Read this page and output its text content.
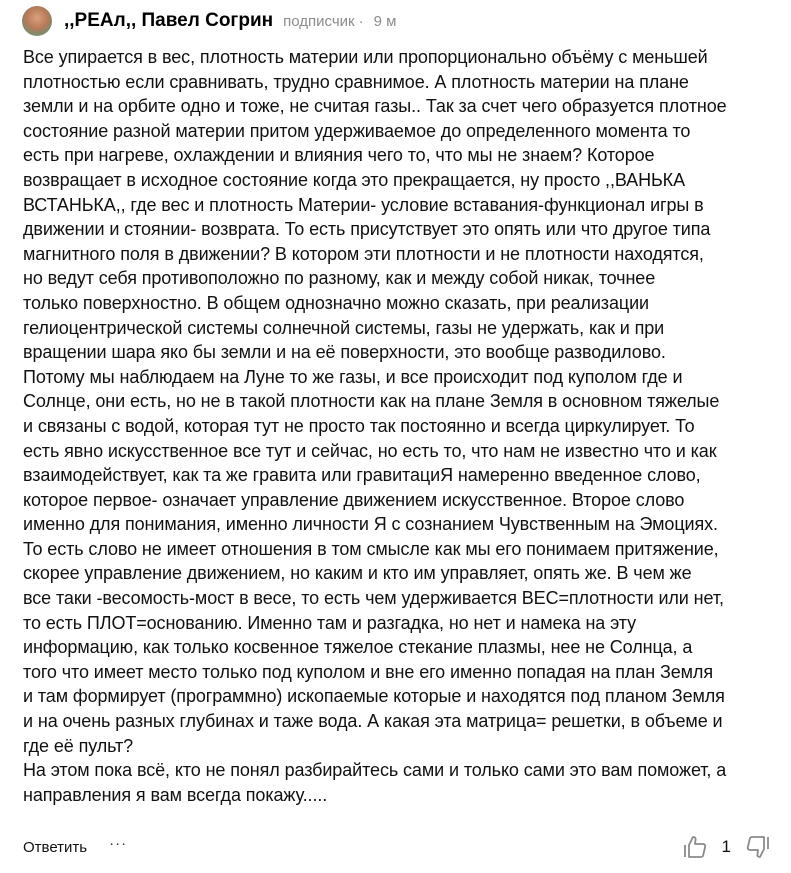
,,РЕАл,, Павел Согрин подписчик · 9 м
Все упирается в вес, плотность материи или пропорционально объёму с меньшей
плотностью если сравнивать, трудно сравнимое. А плотность материи на плане
земли и на орбите одно и тоже, не считая газы.. Так за счет чего образуется плотное
состояние разной материи притом удерживаемое до определенного момента то
есть при нагреве, охлаждении и влияния чего то, что мы не знаем? Которое
возвращает в исходное состояние когда это прекращается, ну просто ,,ВАНЬКА
ВСТАНЬКА,, где вес и плотность Материи- условие вставания-функционал игры в
движении и стоянии- возврата. То есть присутствует это опять или что другое типа
магнитного поля в движении? В котором эти плотности и не плотности находятся,
но ведут себя противоположно по разному, как и между собой никак, точнее
только поверхностно. В общем однозначно можно сказать, при реализации
гелиоцентрической системы солнечной системы, газы не удержать, как и при
вращении шара яко бы земли и на её поверхности, это вообще разводилово.
Потому мы наблюдаем на Луне то же газы, и все происходит под куполом где и
Солнце, они есть, но не в такой плотности как на плане Земля в основном тяжелые
и связаны с водой, которая тут не просто так постоянно и всегда циркулирует. То
есть явно искусственное все тут и сейчас, но есть то, что нам не известно что и как
взаимодействует, как та же гравита или гравитациЯ намеренно введенное слово,
которое первое- означает управление движением искусственное. Второе слово
именно для понимания, именно личности Я с сознанием Чувственным на Эмоциях.
То есть слово не имеет отношения в том смысле как мы его понимаем притяжение,
скорее управление движением, но каким и кто им управляет, опять же. В чем же
все таки -весомость-мост в весе, то есть чем удерживается ВЕС=плотности или нет,
то есть ПЛОТ=основанию. Именно там и разгадка, но нет и намека на эту
информацию, как только косвенное тяжелое стекание плазмы, нее не Солнца, а
того что имеет место только под куполом и вне его именно попадая на план Земля
и там формирует (программно) ископаемые которые и находятся под планом Земля
и на очень разных глубинах и таже вода. А какая эта матрица= решетки, в объеме и
где её пульт?
На этом пока всё, кто не понял разбирайтесь сами и только сами это вам поможет, а
направления я вам всегда покажу.....
Ответить ···	1
